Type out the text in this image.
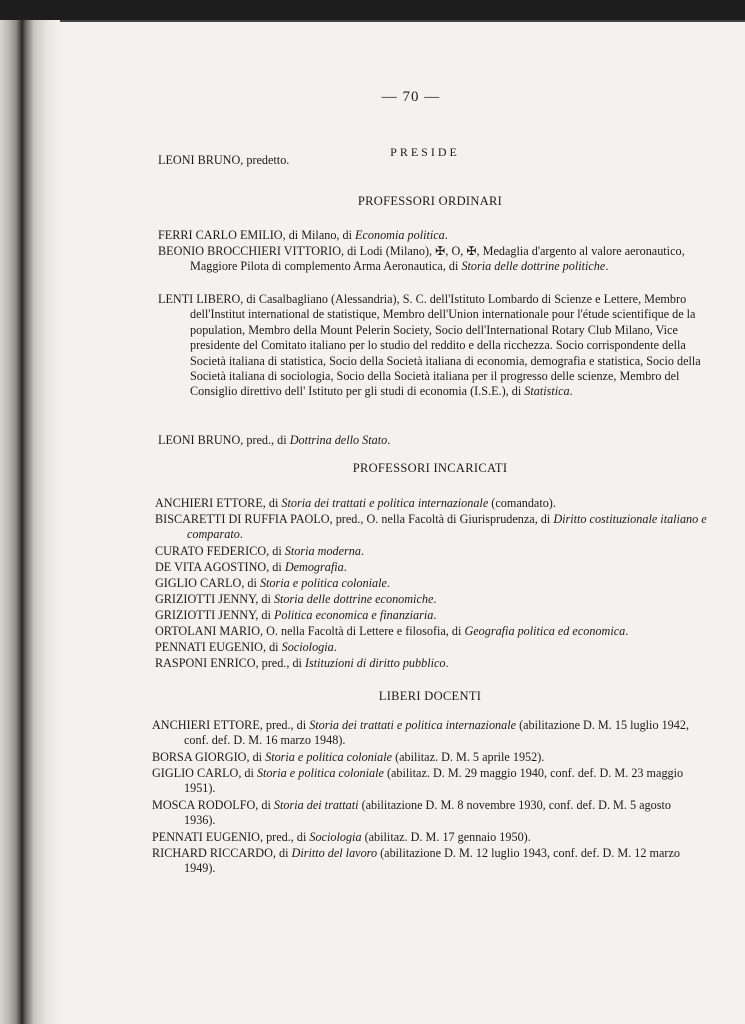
— 70 —
PRESIDE
LEONI BRUNO, predetto.
PROFESSORI ORDINARI
FERRI CARLO EMILIO, di Milano, di Economia politica.
BEONIO BROCCHIERI VITTORIO, di Lodi (Milano), ✠, O, ✠, Medaglia d'argento al valore aeronautico, Maggiore Pilota di complemento Arma Aeronautica, di Storia delle dottrine politiche.
LENTI LIBERO, di Casalbagliano (Alessandria), S. C. dell'Istituto Lombardo di Scienze e Lettere, Membro dell'Institut international de statistique, Membro dell'Union internationale pour l'étude scientifique de la population, Membro della Mount Pelerin Society, Socio dell'International Rotary Club Milano, Vice presidente del Comitato italiano per lo studio del reddito e della ricchezza. Socio corrispondente della Società italiana di statistica, Socio della Società italiana di economia, demografia e statistica, Socio della Società italiana di sociologia, Socio della Società italiana per il progresso delle scienze, Membro del Consiglio direttivo dell' Istituto per gli studi di economia (I.S.E.), di Statistica.
LEONI BRUNO, pred., di Dottrina dello Stato.
PROFESSORI INCARICATI
ANCHIERI ETTORE, di Storia dei trattati e politica internazionale (comandato).
BISCARETTI DI RUFFIA PAOLO, pred., O. nella Facoltà di Giurisprudenza, di Diritto costituzionale italiano e comparato.
CURATO FEDERICO, di Storia moderna.
DE VITA AGOSTINO, di Demografia.
GIGLIO CARLO, di Storia e politica coloniale.
GRIZIOTTI JENNY, di Storia delle dottrine economiche.
GRIZIOTTI JENNY, di Politica economica e finanziaria.
ORTOLANI MARIO, O. nella Facoltà di Lettere e filosofia, di Geografia politica ed economica.
PENNATI EUGENIO, di Sociologia.
RASPONI ENRICO, pred., di Istituzioni di diritto pubblico.
LIBERI DOCENTI
ANCHIERI ETTORE, pred., di Storia dei trattati e politica internazionale (abilitazione D. M. 15 luglio 1942, conf. def. D. M. 16 marzo 1948).
BORSA GIORGIO, di Storia e politica coloniale (abilitaz. D. M. 5 aprile 1952).
GIGLIO CARLO, di Storia e politica coloniale (abilitaz. D. M. 29 maggio 1940, conf. def. D. M. 23 maggio 1951).
MOSCA RODOLFO, di Storia dei trattati (abilitazione D. M. 8 novembre 1930, conf. def. D. M. 5 agosto 1936).
PENNATI EUGENIO, pred., di Sociologia (abilitaz. D. M. 17 gennaio 1950).
RICHARD RICCARDO, di Diritto del lavoro (abilitazione D. M. 12 luglio 1943, conf. def. D. M. 12 marzo 1949).
